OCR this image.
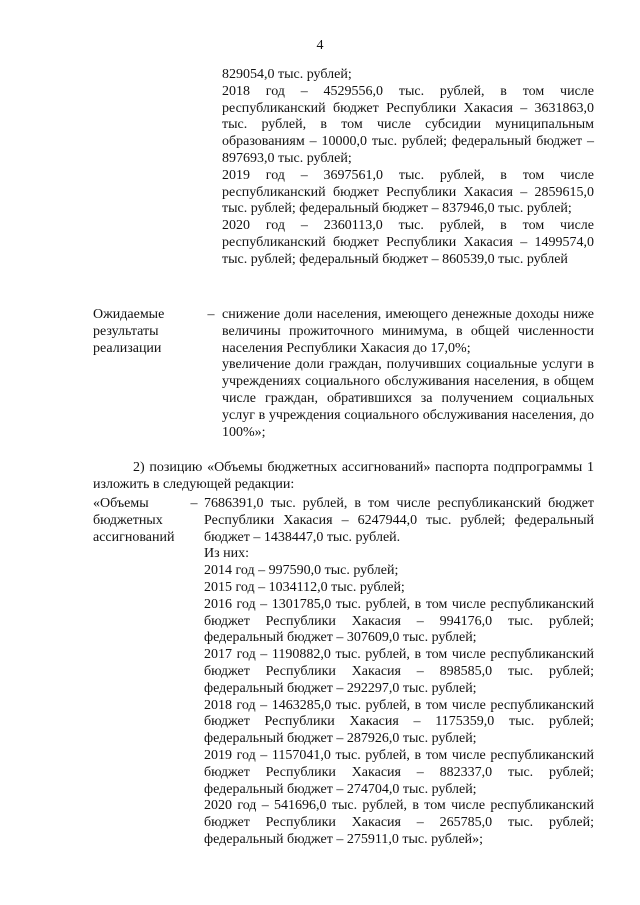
4

829054,0 тыс. рублей;

2018 год – 4529556,0 тыс. рублей, в том числе республиканский бюджет Республики Хакасия – 3631863,0 тыс. рублей, в том числе субсидии муниципальным образованиям – 10000,0 тыс. рублей; федеральный бюджет – 897693,0 тыс. рублей;

2019 год – 3697561,0 тыс. рублей, в том числе республиканский бюджет Республики Хакасия – 2859615,0 тыс. рублей; федеральный бюджет – 837946,0 тыс. рублей;

2020 год – 2360113,0 тыс. рублей, в том числе республиканский бюджет Республики Хакасия – 1499574,0 тыс. рублей; федеральный бюджет – 860539,0 тыс. рублей

Ожидаемые результаты реализации
– снижение доли населения, имеющего денежные доходы ниже величины прожиточного минимума, в общей численности населения Республики Хакасия до 17,0%;

увеличение доли граждан, получивших социальные услуги в учреждениях социального обслуживания населения, в общем числе граждан, обратившихся за получением социальных услуг в учреждения социального обслуживания населения, до 100%»;

2) позицию «Объемы бюджетных ассигнований» паспорта подпрограммы 1 изложить в следующей редакции:
«Объемы бюджетных ассигнований
– 7686391,0 тыс. рублей, в том числе республиканский бюджет Республики Хакасия – 6247944,0 тыс. рублей; федеральный бюджет – 1438447,0 тыс. рублей.

Из них:

2014 год – 997590,0 тыс. рублей;

2015 год – 1034112,0 тыс. рублей;

2016 год – 1301785,0 тыс. рублей, в том числе республиканский бюджет Республики Хакасия – 994176,0 тыс. рублей; федеральный бюджет – 307609,0 тыс. рублей;

2017 год – 1190882,0 тыс. рублей, в том числе республиканский бюджет Республики Хакасия – 898585,0 тыс. рублей; федеральный бюджет – 292297,0 тыс. рублей;

2018 год – 1463285,0 тыс. рублей, в том числе республиканский бюджет Республики Хакасия – 1175359,0 тыс. рублей; федеральный бюджет – 287926,0 тыс. рублей;

2019 год – 1157041,0 тыс. рублей, в том числе республиканский бюджет Республики Хакасия – 882337,0 тыс. рублей; федеральный бюджет – 274704,0 тыс. рублей;

2020 год – 541696,0 тыс. рублей, в том числе республиканский бюджет Республики Хакасия – 265785,0 тыс. рублей; федеральный бюджет – 275911,0 тыс. рублей»;
